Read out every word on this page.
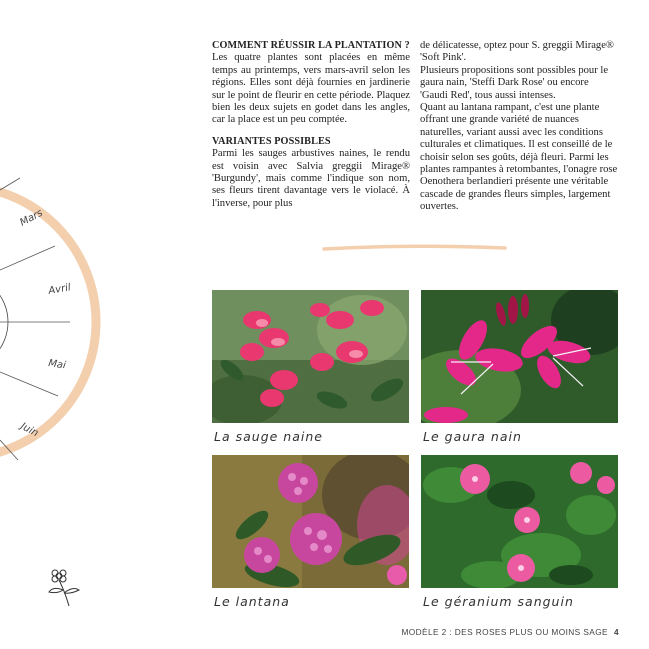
Mars
Avril
Mai
Juin

COMMENT RÉUSSIR LA PLANTATION ?

Les quatre plantes sont placées en même temps au printemps, vers mars-avril selon les régions. Elles sont déjà fournies en jardinerie sur le point de fleurir en cette période. Plaquez bien les deux sujets en godet dans les angles, car la place est un peu comptée.

VARIANTES POSSIBLES

Parmi les sauges arbustives naines, le rendu est voisin avec Salvia greggii Mirage® 'Burgundy', mais comme l'indique son nom, ses fleurs tirent davantage vers le violacé. À l'inverse, pour plus

de délicatesse, optez pour S. greggii Mirage® 'Soft Pink'.

Plusieurs propositions sont possibles pour le gaura nain, 'Steffi Dark Rose' ou encore 'Gaudi Red', tous aussi intenses.

Quant au lantana rampant, c'est une plante offrant une grande variété de nuances naturelles, variant aussi avec les conditions culturales et climatiques. Il est conseillé de le choisir selon ses goûts, déjà fleuri. Parmi les plantes rampantes à retombantes, l'onagre rose Oenothera berlandieri présente une véritable cascade de grandes fleurs simples, largement ouvertes.

La sauge naine	Le gaura nain
Le lantana	Le géranium sanguin
MODÈLE 2 : DES ROSES PLUS OU MOINS SAGE 4
